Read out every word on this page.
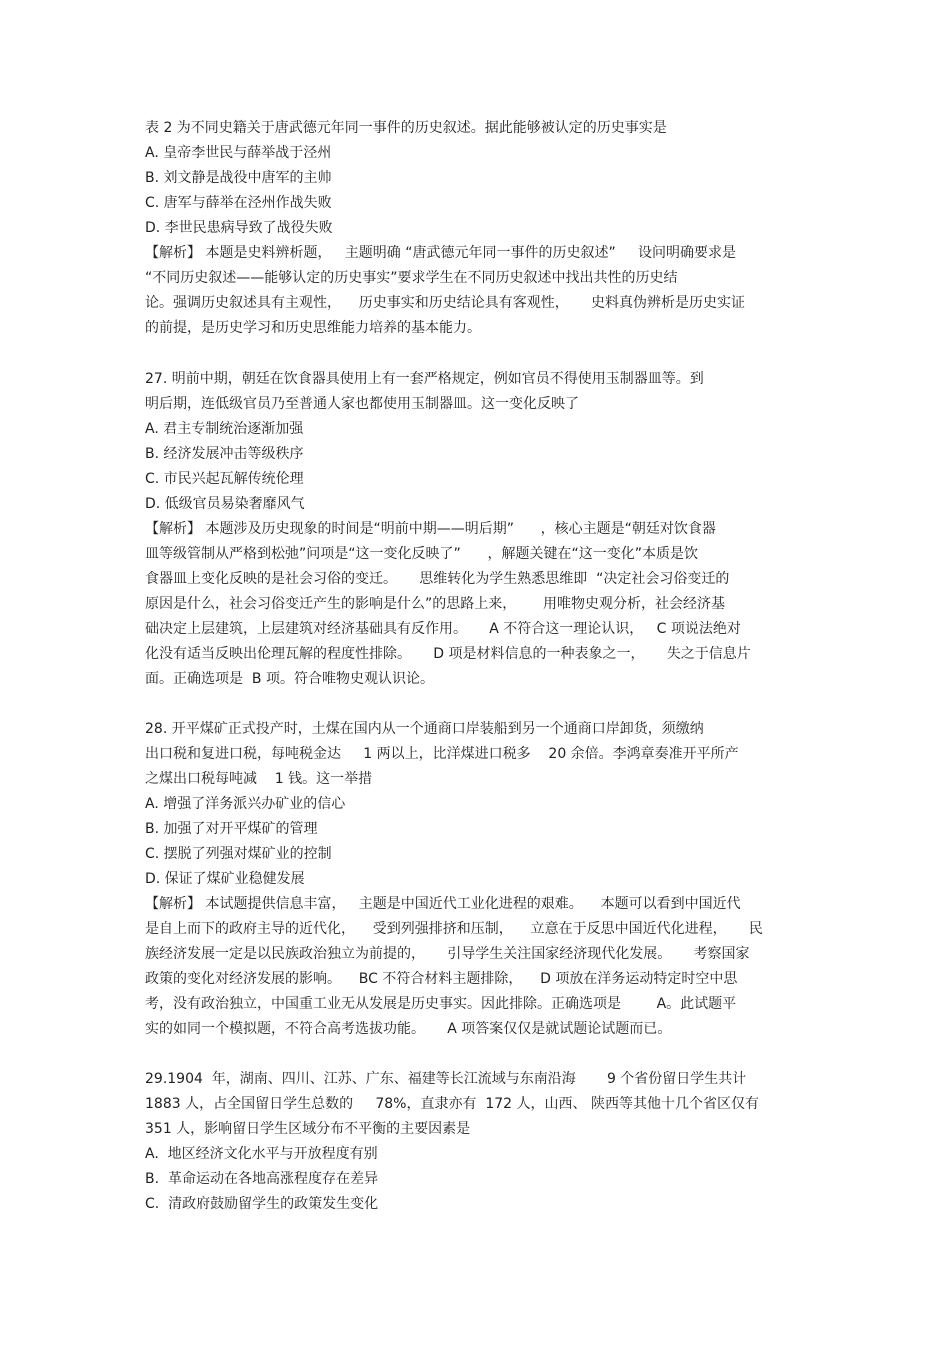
表 2 为不同史籍关于唐武德元年同一事件的历史叙述。据此能够被认定的历史事实是

A. 皇帝李世民与薛举战于泾州

B. 刘文静是战役中唐军的主帅

C. 唐军与薛举在泾州作战失败

D. 李世民患病导致了战役失败

【解析】 本题是史料辨析题，   主题明确 “唐武德元年同一事件的历史叙述”     设问明确要求是

“不同历史叙述——能够认定的历史事实”要求学生在不同历史叙述中找出共性的历史结

论。强调历史叙述具有主观性，    历史事实和历史结论具有客观性，     史料真伪辨析是历史实证

的前提，是历史学习和历史思维能力培养的基本能力。

27. 明前中期，朝廷在饮食器具使用上有一套严格规定，例如官员不得使用玉制器皿等。到

明后期，连低级官员乃至普通人家也都使用玉制器皿。这一变化反映了

A. 君主专制统治逐渐加强

B. 经济发展冲击等级秩序

C. 市民兴起瓦解传统伦理

D. 低级官员易染奢靡风气

【解析】 本题涉及历史现象的时间是“明前中期——明后期”      ，核心主题是“朝廷对饮食器

皿等级管制从严格到松弛”问项是“这一变化反映了”      ，解题关键在“这一变化”本质是饮

食器皿上变化反映的是社会习俗的变迁。     思维转化为学生熟悉思维即  “决定社会习俗变迁的

原因是什么，社会习俗变迁产生的影响是什么”的思路上来，      用唯物史观分析，社会经济基

础决定上层建筑，上层建筑对经济基础具有反作用。     A 不符合这一理论认识，   C 项说法绝对

化没有适当反映出伦理瓦解的程度性排除。     D 项是材料信息的一种表象之一，     失之于信息片

面。正确选项是  B 项。符合唯物史观认识论。

28. 开平煤矿正式投产时，土煤在国内从一个通商口岸装船到另一个通商口岸卸货，须缴纳

出口税和复进口税，每吨税金达     1 两以上，比洋煤进口税多    20 余倍。李鸿章奏准开平所产

之煤出口税每吨减    1 钱。这一举措

A. 增强了洋务派兴办矿业的信心

B. 加强了对开平煤矿的管理

C. 摆脱了列强对煤矿业的控制

D. 保证了煤矿业稳健发展

【解析】 本试题提供信息丰富，   主题是中国近代工业化进程的艰难。    本题可以看到中国近代

是自上而下的政府主导的近代化，    受到列强排挤和压制，    立意在于反思中国近代化进程，     民

族经济发展一定是以民族政治独立为前提的，     引导学生关注国家经济现代化发展。     考察国家

政策的变化对经济发展的影响。    BC 不符合材料主题排除，    D 项放在洋务运动特定时空中思

考，没有政治独立，中国重工业无从发展是历史事实。因此排除。正确选项是        A。此试题平

实的如同一个模拟题，不符合高考选拔功能。     A 项答案仅仅是就试题论试题而已。

29.1904  年，湖南、四川、江苏、广东、福建等长江流域与东南沿海       9 个省份留日学生共计

1883 人，占全国留日学生总数的     78%，直隶亦有  172 人，山西、 陕西等其他十几个省区仅有

351 人，影响留日学生区域分布不平衡的主要因素是

A.  地区经济文化水平与开放程度有别

B.  革命运动在各地高涨程度存在差异

C.  清政府鼓励留学生的政策发生变化
